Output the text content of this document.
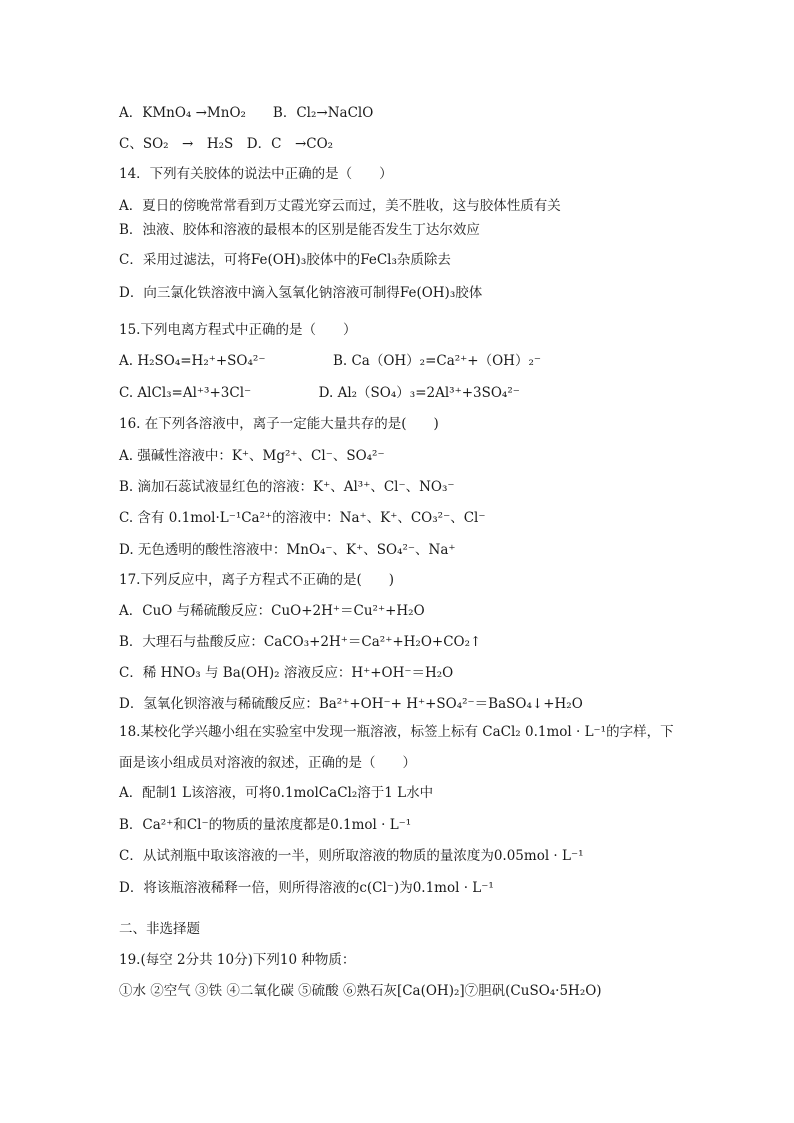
A．KMnO₄ →MnO₂　　B．Cl₂→NaClO
C、SO₂　→　H₂S　D．C　→CO₂
14．下列有关胶体的说法中正确的是（　　）
A．夏日的傍晚常常看到万丈霞光穿云而过，美不胜收，这与胶体性质有关
B．浊液、胶体和溶液的最根本的区别是能否发生丁达尔效应
C．采用过滤法，可将Fe(OH)₃胶体中的FeCl₃杂质除去
D．向三氯化铁溶液中滴入氢氧化钠溶液可制得Fe(OH)₃胶体
15.下列电离方程式中正确的是（　　）
A. H₂SO₄=H₂⁺+SO₄²⁻　　　　　B. Ca（OH）₂=Ca²⁺+（OH）₂⁻
C. AlCl₃=Al⁺³+3Cl⁻　　　　　D. Al₂（SO₄）₃=2Al³⁺+3SO₄²⁻
16. 在下列各溶液中，离子一定能大量共存的是(　　)
A. 强碱性溶液中：K⁺、Mg²⁺、Cl⁻、SO₄²⁻
B. 滴加石蕊试液显红色的溶液：K⁺、Al³⁺、Cl⁻、NO₃⁻
C. 含有 0.1mol·L⁻¹Ca²⁺的溶液中：Na⁺、K⁺、CO₃²⁻、Cl⁻
D. 无色透明的酸性溶液中：MnO₄⁻、K⁺、SO₄²⁻、Na⁺
17.下列反应中，离子方程式不正确的是(　　)
A．CuO 与稀硫酸反应：CuO+2H⁺＝Cu²⁺+H₂O
B．大理石与盐酸反应：CaCO₃+2H⁺＝Ca²⁺+H₂O+CO₂↑
C．稀 HNO₃ 与 Ba(OH)₂ 溶液反应：H⁺+OH⁻＝H₂O
D．氢氧化钡溶液与稀硫酸反应：Ba²⁺+OH⁻+ H⁺+SO₄²⁻＝BaSO₄↓+H₂O
18.某校化学兴趣小组在实验室中发现一瓶溶液，标签上标有 CaCl₂ 0.1mol · L⁻¹的字样，下
面是该小组成员对溶液的叙述，正确的是（　　）
A．配制1 L该溶液，可将0.1molCaCl₂溶于1 L水中
B．Ca²⁺和Cl⁻的物质的量浓度都是0.1mol · L⁻¹
C．从试剂瓶中取该溶液的一半，则所取溶液的物质的量浓度为0.05mol · L⁻¹
D．将该瓶溶液稀释一倍，则所得溶液的c(Cl⁻)为0.1mol · L⁻¹
二、非选择题
19.(每空 2分共 10分)下列10 种物质：
①水 ②空气 ③铁 ④二氧化碳 ⑤硫酸 ⑥熟石灰[Ca(OH)₂]⑦胆矾(CuSO₄·5H₂O)
